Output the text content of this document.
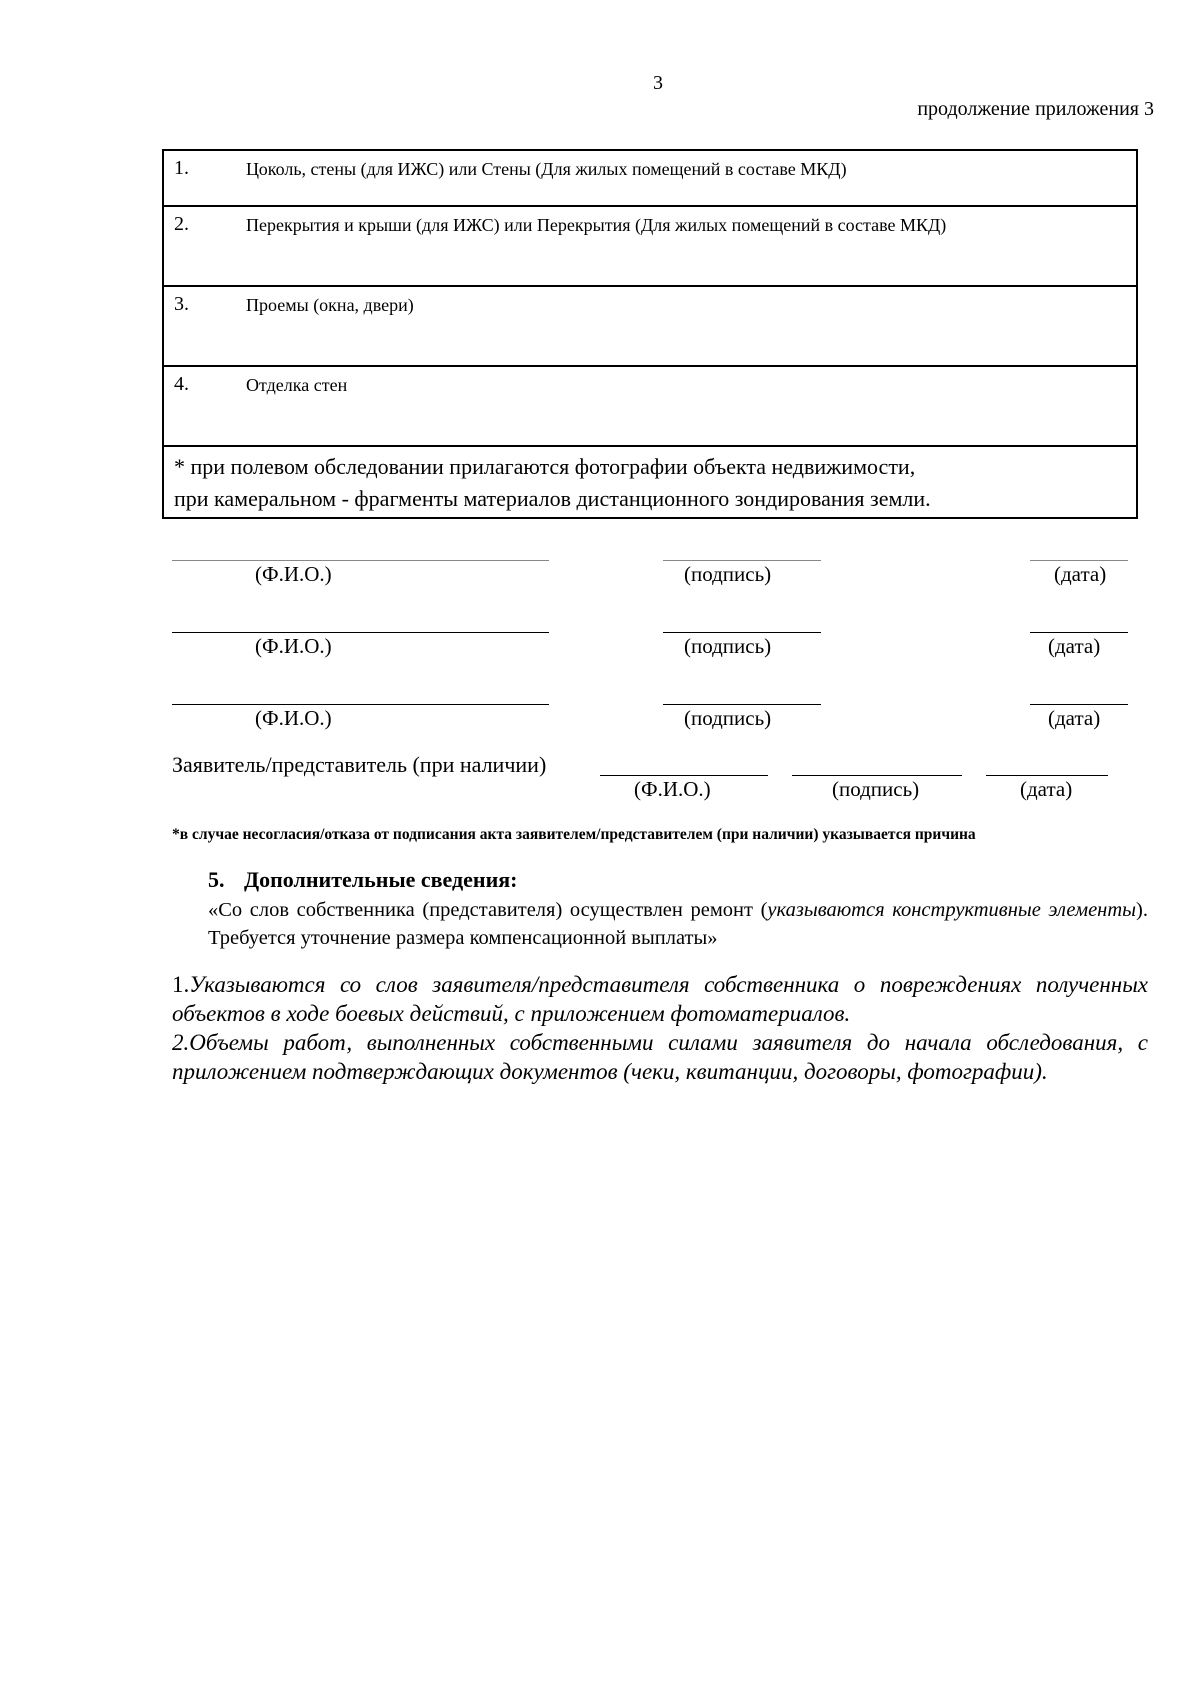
3
продолжение приложения 3
1.	Цоколь, стены (для ИЖС) или Стены (Для жилых помещений в составе МКД)

2.	Перекрытия и крыши (для ИЖС) или Перекрытия (Для жилых помещений в составе МКД)

3.	Проемы (окна, двери)

4.	Отделка стен

* при полевом обследовании прилагаются фотографии объекта недвижимости,
при камеральном - фрагменты материалов дистанционного зондирования земли.
(Ф.И.О.)	(подпись)	(дата)
(Ф.И.О.)	(подпись)	(дата)
(Ф.И.О.)	(подпись)	(дата)
Заявитель/представитель (при наличии)
(Ф.И.О.)	(подпись)	(дата)
*в случае несогласия/отказа от подписания акта заявителем/представителем (при наличии) указывается причина
5. Дополнительные сведения:
«Со слов собственника (представителя) осуществлен ремонт (указываются конструктивные элементы). Требуется уточнение размера компенсационной выплаты»
1.Указываются со слов заявителя/представителя собственника о повреждениях полученных объектов в ходе боевых действий, с приложением фотоматериалов.
2.Объемы работ, выполненных собственными силами заявителя до начала обследования, с приложением подтверждающих документов (чеки, квитанции, договоры, фотографии).
